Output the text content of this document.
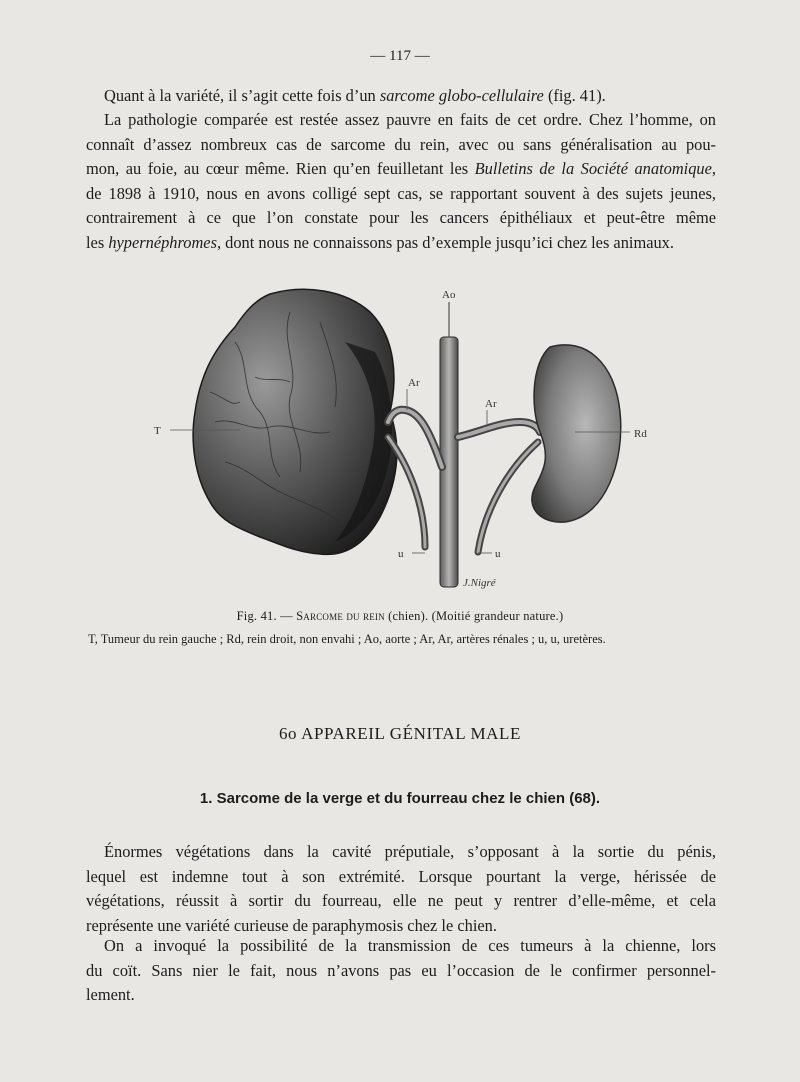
— 117 —
Quant à la variété, il s’agit cette fois d’un sarcome globo-cellulaire (fig. 41).
La pathologie comparée est restée assez pauvre en faits de cet ordre. Chez l’homme, on
connaît d’assez nombreux cas de sarcome du rein, avec ou sans généralisation au pou-
mon, au foie, au cœur même. Rien qu’en feuilletant les Bulletins de la Société anatomique,
de 1898 à 1910, nous en avons colligé sept cas, se rapportant souvent à des sujets jeunes,
contrairement à ce que l’on constate pour les cancers épithéliaux et peut-être même
les hypernéphromes, dont nous ne connaissons pas d’exemple jusqu’ici chez les animaux.
T
Ao
Ar
Ar
Rd
u	u
J.Nigré
Fig. 41. — Sarcome du rein (chien). (Moitié grandeur nature.)
T, Tumeur du rein gauche ; Rd, rein droit, non envahi ; Ao, aorte ; Ar, Ar, artères rénales ; u, u, uretères.
6o APPAREIL GÉNITAL MALE
1. Sarcome de la verge et du fourreau chez le chien (68).
Énormes végétations dans la cavité préputiale, s’opposant à la sortie du pénis,
lequel est indemne tout à son extrémité. Lorsque pourtant la verge, hérissée de
végétations, réussit à sortir du fourreau, elle ne peut y rentrer d’elle-même, et cela
représente une variété curieuse de paraphymosis chez le chien.
On a invoqué la possibilité de la transmission de ces tumeurs à la chienne, lors
du coït. Sans nier le fait, nous n’avons pas eu l’occasion de le confirmer personnel-
lement.
